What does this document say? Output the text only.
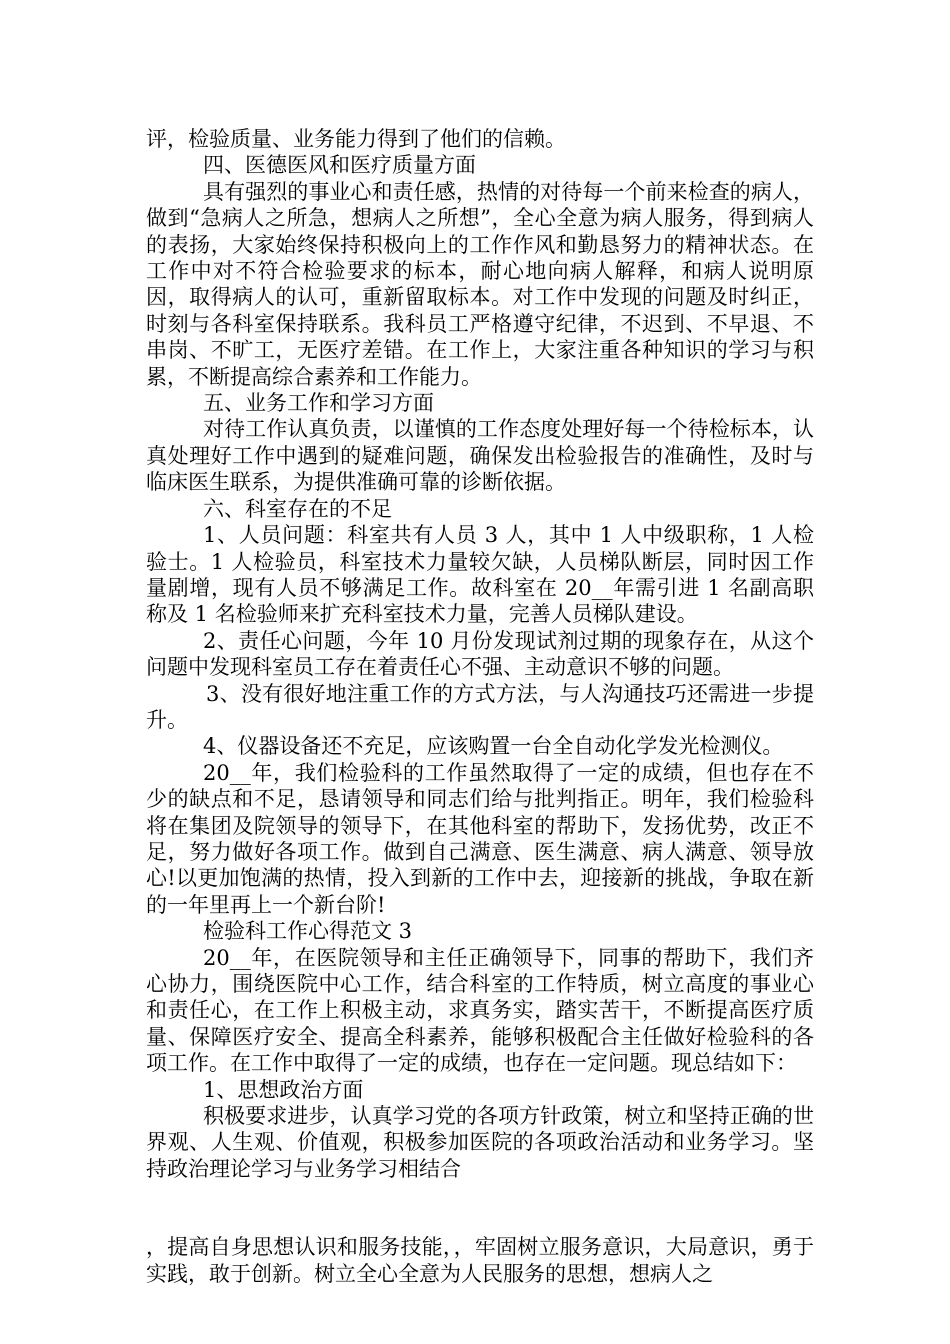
评，检验质量、业务能力得到了他们的信赖。

四、医德医风和医疗质量方面

具有强烈的事业心和责任感，热情的对待每一个前来检查的病人，做到“急病人之所急，想病人之所想”，全心全意为病人服务，得到病人的表扬，大家始终保持积极向上的工作作风和勤恳努力的精神状态。在工作中对不符合检验要求的标本，耐心地向病人解释，和病人说明原因，取得病人的认可，重新留取标本。对工作中发现的问题及时纠正，时刻与各科室保持联系。我科员工严格遵守纪律，不迟到、不早退、不串岗、不旷工，无医疗差错。在工作上，大家注重各种知识的学习与积累，不断提高综合素养和工作能力。

五、业务工作和学习方面

对待工作认真负责，以谨慎的工作态度处理好每一个待检标本，认真处理好工作中遇到的疑难问题，确保发出检验报告的准确性，及时与临床医生联系，为提供准确可靠的诊断依据。

六、科室存在的不足

1、人员问题：科室共有人员 3 人，其中 1 人中级职称，1 人检验士。1 人检验员，科室技术力量较欠缺，人员梯队断层，同时因工作量剧增，现有人员不够满足工作。故科室在 20__年需引进 1 名副高职称及 1 名检验师来扩充科室技术力量，完善人员梯队建设。

2、责任心问题，今年 10 月份发现试剂过期的现象存在，从这个问题中发现科室员工存在着责任心不强、主动意识不够的问题。

3、没有很好地注重工作的方式方法，与人沟通技巧还需进一步提升。

4、仪器设备还不充足，应该购置一台全自动化学发光检测仪。

20__年，我们检验科的工作虽然取得了一定的成绩，但也存在不少的缺点和不足，恳请领导和同志们给与批判指正。明年，我们检验科将在集团及院领导的领导下，在其他科室的帮助下，发扬优势，改正不足，努力做好各项工作。做到自己满意、医生满意、病人满意、领导放心!以更加饱满的热情，投入到新的工作中去，迎接新的挑战，争取在新的一年里再上一个新台阶!

检验科工作心得范文 3

20__年，在医院领导和主任正确领导下，同事的帮助下，我们齐心协力，围绕医院中心工作，结合科室的工作特质，树立高度的事业心和责任心，在工作上积极主动，求真务实，踏实苦干，不断提高医疗质量、保障医疗安全、提高全科素养，能够积极配合主任做好检验科的各项工作。在工作中取得了一定的成绩，也存在一定问题。现总结如下：

1、思想政治方面

积极要求进步，认真学习党的各项方针政策，树立和坚持正确的世界观、人生观、价值观，积极参加医院的各项政治活动和业务学习。坚持政治理论学习与业务学习相结合

，提高自身思想认识和服务技能，，牢固树立服务意识，大局意识，勇于实践，敢于创新。树立全心全意为人民服务的思想，想病人之
